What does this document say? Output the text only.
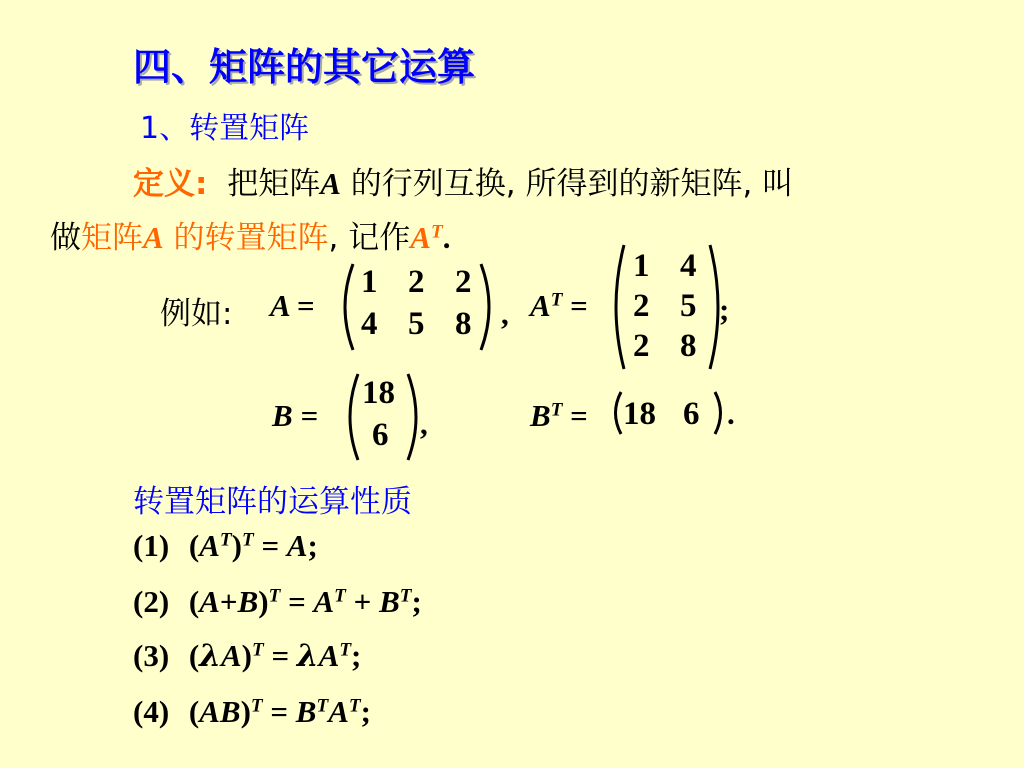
四、矩阵的其它运算
1、转置矩阵
定义: 把矩阵A 的行列互换, 所得到的新矩阵, 叫
做矩阵A 的转置矩阵, 记作$A^T$.
例如: A =
1 2 2
4 5 8 , $A^T$ =
1 4
2 5
2 8
;
B =
18
6 ,	$B^T = 18$ 6 .
转置矩阵的运算性质
(1) $(A^T)^T = A$;
(2) $(A+B)^T = A^T + B^T$;
(3) $(\lambda A)^T = \lambda A^T$;
(4) $(AB)^T = B^TA^T$;
